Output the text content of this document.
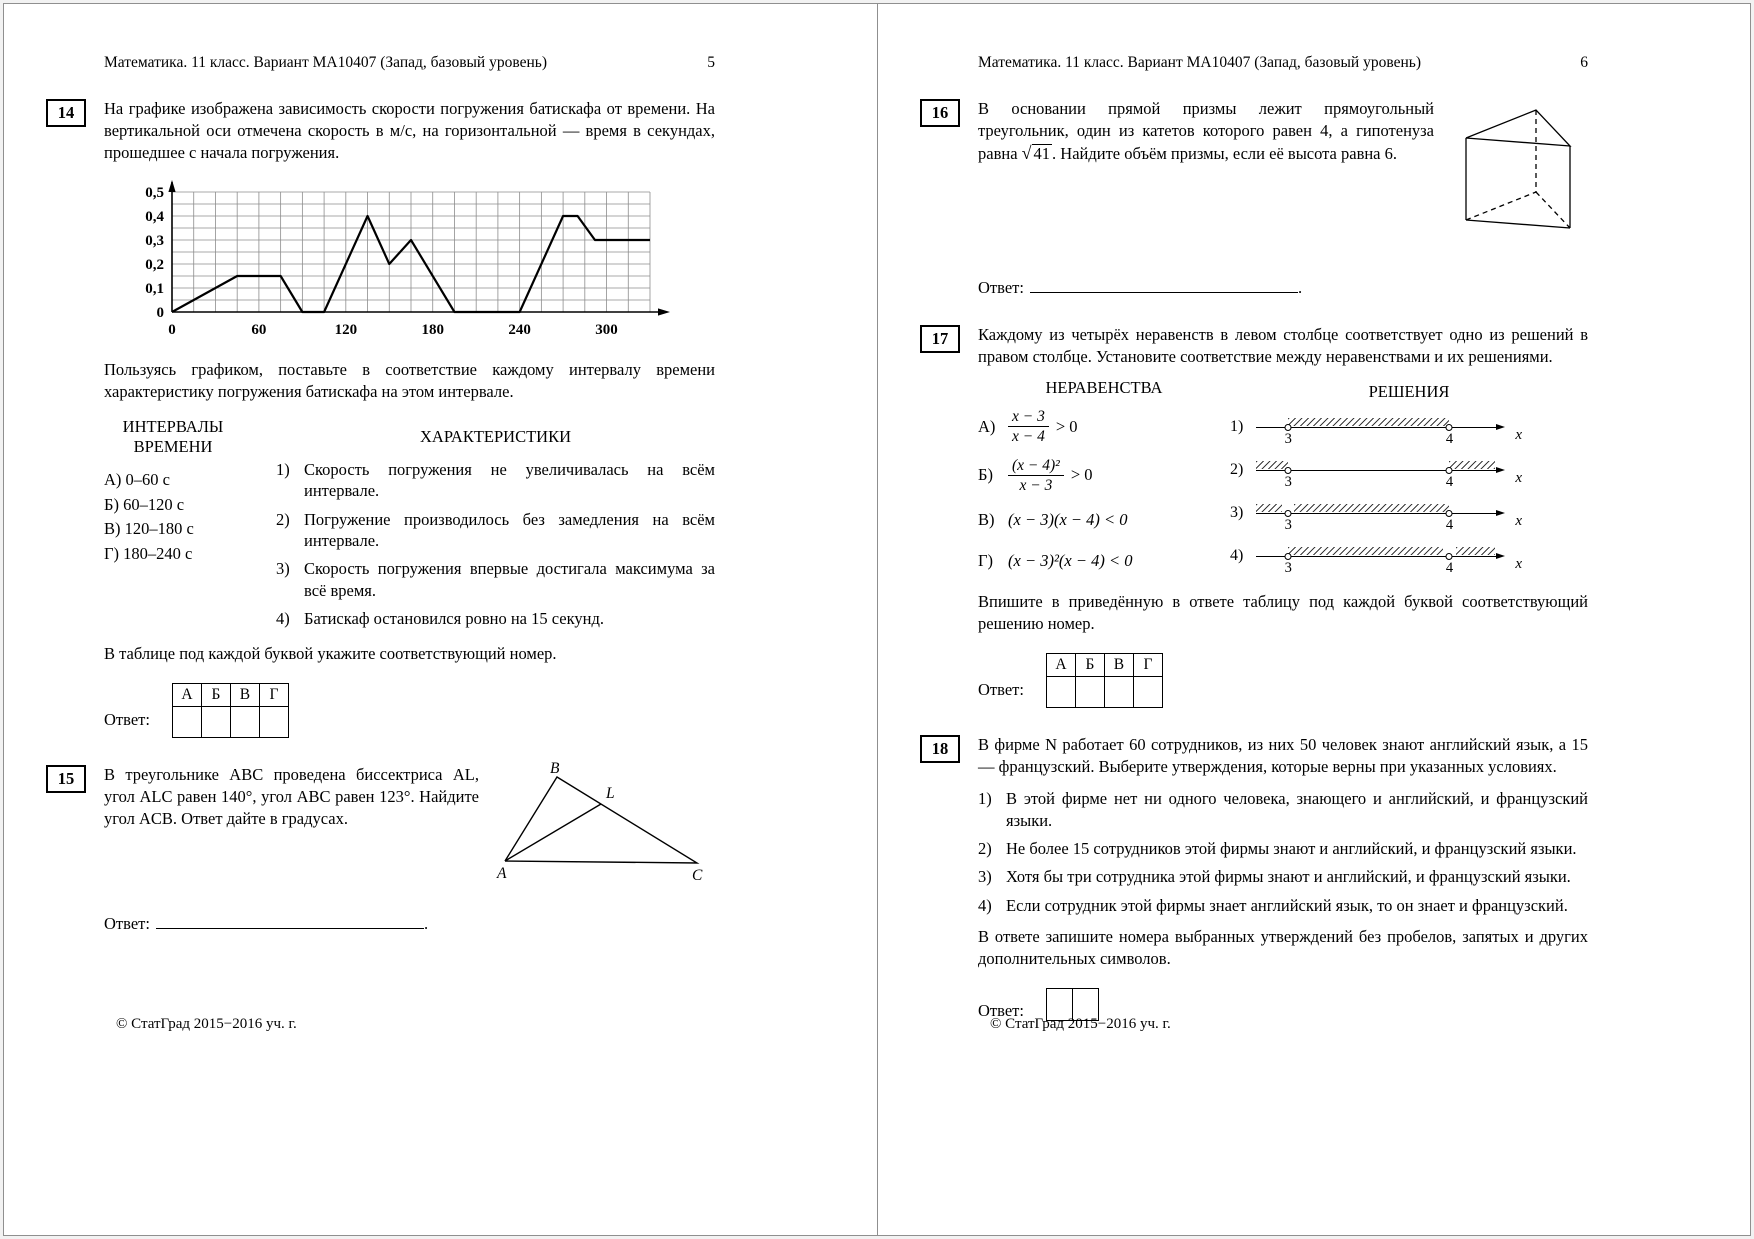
Математика. 11 класс. Вариант МА10407 (Запад, базовый уровень)	5
14	На графике изображена зависимость скорости погружения батискафа от времени. На вертикальной оси отмечена скорость в м/с, на горизонтальной — время в секундах, прошедшее с начала погружения.

0
0,1
0,2
0,3
0,4
0,5
0	60	120	180	240	300

Пользуясь графиком, поставьте в соответствие каждому интервалу времени характеристику погружения батискафа на этом интервале.

ИНТЕРВАЛЫ
ВРЕМЕНИ
А) 0–60 с
Б) 60–120 с
В) 120–180 с
Г) 180–240 с
ХАРАКТЕРИСТИКИ
1) Скорость погружения не увеличивалась на всём интервале.
2) Погружение производилось без замедления на всём интервале.
3) Скорость погружения впервые достигала максимума за всё время.
4) Батискаф остановился ровно на 15 секунд.

В таблице под каждой буквой укажите соответствующий номер.

Ответ:
А	Б	В	Г

15	В треугольнике ABC проведена биссектриса AL, угол ALC равен 140°, угол ABC равен 123°. Найдите угол ACB. Ответ дайте в градусах.

B
L
A	C
Ответ:	.
© СтатГрад 2015−2016 уч. г.
Математика. 11 класс. Вариант МА10407 (Запад, базовый уровень)	6
16	В основании прямой призмы лежит прямоугольный треугольник, один из катетов которого равен 4, а гипотенуза равна √ 41 . Найдите объём призмы, если её высота равна 6.

Ответ:	.
17	Каждому из четырёх неравенств в левом столбце соответствует одно из решений в правом столбце. Установите соответствие между неравенствами и их решениями.

НЕРАВЕНСТВА
$А) \frac{x - 3}{x - 4} > 0$
$Б) \frac{\text{(x − 4)²}}{x - 3} > 0$
В) (x − 3)(x − 4) < 0
Г) (x − 3)²(x − 4) < 0
РЕШЕНИЯ
1)	x
3	4
2)	x
3	4
3)	x
3	4
4)	x
3	4

Впишите в приведённую в ответе таблицу под каждой буквой соответствующий решению номер.

Ответ:
А	Б	В	Г

18	В фирме N работает 60 сотрудников, из них 50 человек знают английский язык, а 15 — французский. Выберите утверждения, которые верны при указанных условиях.

1) В этой фирме нет ни одного человека, знающего и английский, и французский языки.
2) Не более 15 сотрудников этой фирмы знают и английский, и французский языки.
3) Хотя бы три сотрудника этой фирмы знают и английский, и французский языки.
4) Если сотрудник этой фирмы знает английский язык, то он знает и французский.

В ответе запишите номера выбранных утверждений без пробелов, запятых и других дополнительных символов.

Ответ:
© СтатГрад 2015−2016 уч. г.
